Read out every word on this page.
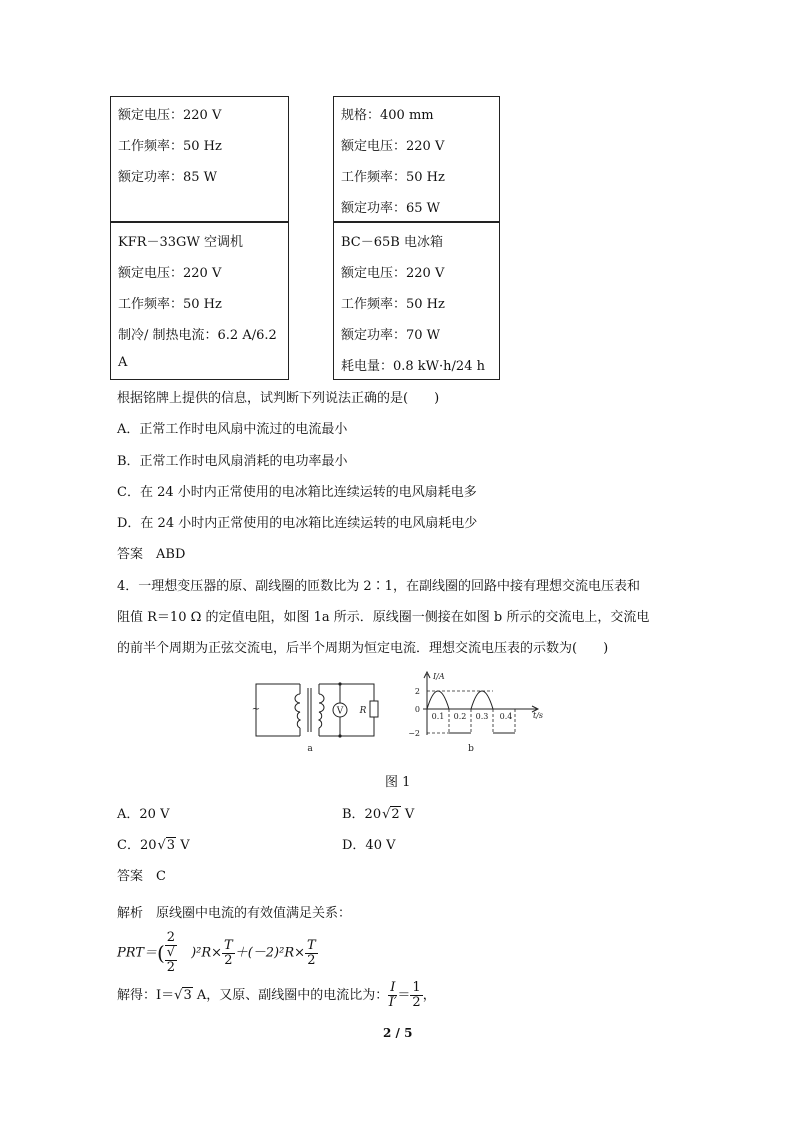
额定电压：220 V
工作频率：50 Hz
额定功率：85 W
规格：400 mm
额定电压：220 V
工作频率：50 Hz
额定功率：65 W
KFR－33GW 空调机
额定电压：220 V
工作频率：50 Hz
制冷/ 制热电流：6.2 A/6.2
A
BC－65B 电冰箱
额定电压：220 V
工作频率：50 Hz
额定功率：70 W
耗电量：0.8 kW·h/24 h
根据铭牌上提供的信息，试判断下列说法正确的是(　　)
A．正常工作时电风扇中流过的电流最小
B．正常工作时电风扇消耗的电功率最小
C．在 24 小时内正常使用的电冰箱比连续运转的电风扇耗电多
D．在 24 小时内正常使用的电冰箱比连续运转的电风扇耗电少
答案　ABD
4．一理想变压器的原、副线圈的匝数比为 2∶1，在副线圈的回路中接有理想交流电压表和
阻值 R＝10 Ω 的定值电阻，如图 1a 所示．原线圈一侧接在如图 b 所示的交流电上，交流电
的前半个周期为正弦交流电，后半个周期为恒定电流．理想交流电压表的示数为(　　)
~	V R
a
I/A
t/s
2
0
−2
0.1 0.2 0.3 0.4
b
图 1
A．20 V	B．20√2 V
C．20√3 V	D．40 V
答案　C
解析　原线圈中电流的有效值满足关系：
PRT＝( 2
√
2 )$^2R\times \frac{T}{2} +(-2)^2R\times \frac{T}{2}$
解得：I＝√3 A，又原、副线圈中的电流比为： $\frac{I}{I'} = \frac{1}{2}$ ，
2 / 5
